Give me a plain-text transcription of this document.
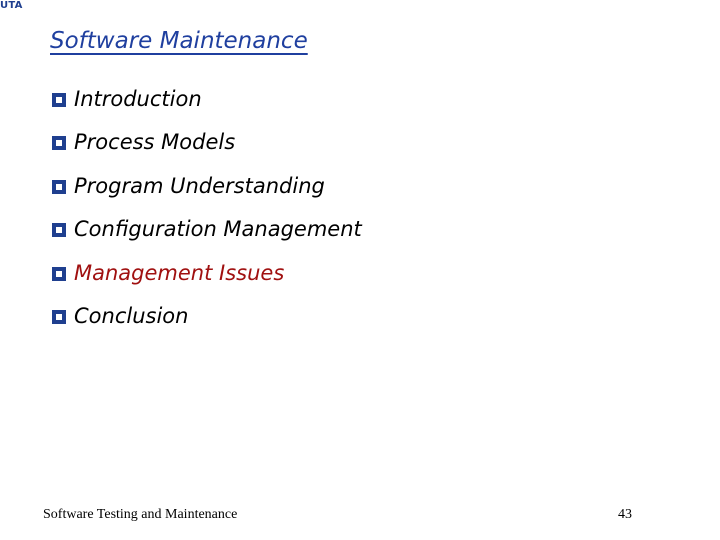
UTA
Software Maintenance
Introduction
Process Models
Program Understanding
Configuration Management
Management Issues
Conclusion
Software Testing and Maintenance	43
